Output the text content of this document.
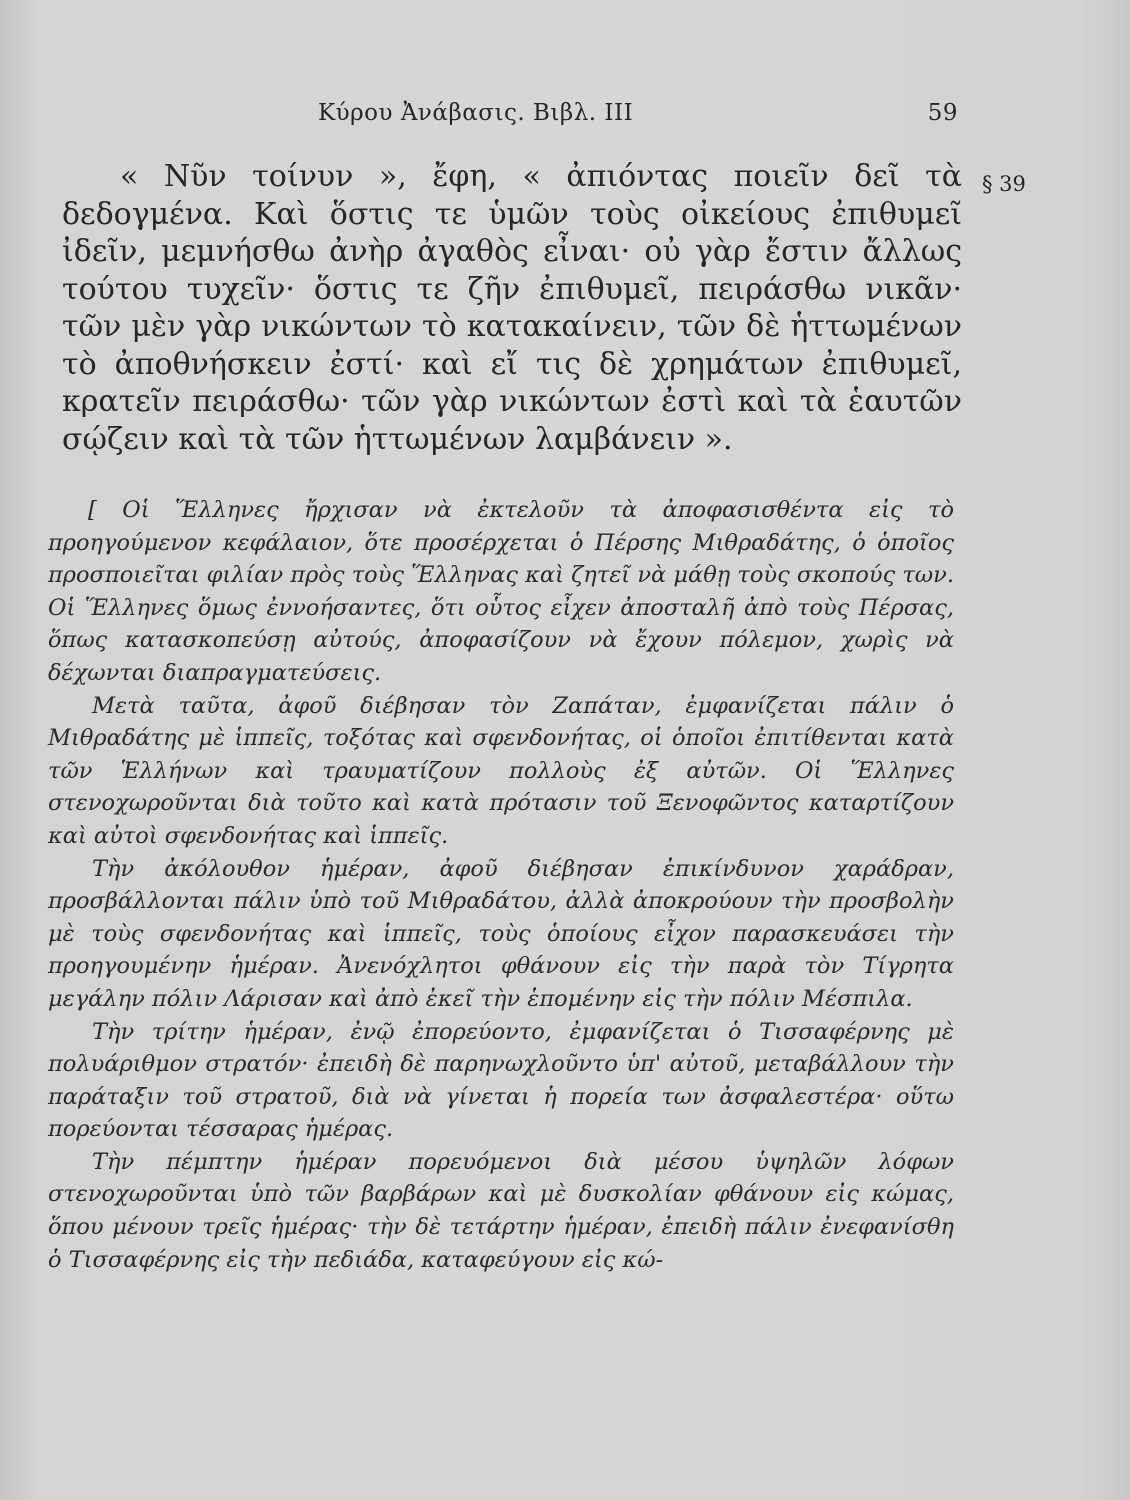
Κύρου Ἀνάβασις. Βιβλ. III	59
§ 39

« Νῦν τοίνυν », ἔφη, « ἀπιόντας ποιεῖν δεῖ τὰ δεδογμένα. Καὶ ὅστις τε ὑμῶν τοὺς οἰκείους ἐπιθυμεῖ ἰδεῖν, μεμνήσθω ἀνὴρ ἀγαθὸς εἶναι· οὐ γὰρ ἔστιν ἄλλως τούτου τυχεῖν· ὅστις τε ζῆν ἐπιθυμεῖ, πειράσθω νικᾶν· τῶν μὲν γὰρ νικώντων τὸ κατακαίνειν, τῶν δὲ ἡττωμένων τὸ ἀποθνήσκειν ἐστί· καὶ εἴ τις δὲ χρημάτων ἐπιθυμεῖ, κρατεῖν πειράσθω· τῶν γὰρ νικώντων ἐστὶ καὶ τὰ ἑαυτῶν σῴζειν καὶ τὰ τῶν ἡττωμένων λαμβάνειν ».

[ Οἱ Ἕλληνες ἤρχισαν νὰ ἐκτελοῦν τὰ ἀποφασισθέντα εἰς τὸ προηγούμενον κεφάλαιον, ὅτε προσέρχεται ὁ Πέρσης Μιθραδάτης, ὁ ὁποῖος προσποιεῖται φιλίαν πρὸς τοὺς Ἕλληνας καὶ ζητεῖ νὰ μάθῃ τοὺς σκοπούς των. Οἱ Ἕλληνες ὅμως ἐννοήσαντες, ὅτι οὗτος εἶχεν ἀποσταλῆ ἀπὸ τοὺς Πέρσας, ὅπως κατασκοπεύσῃ αὐτούς, ἀποφασίζουν νὰ ἔχουν πόλεμον, χωρὶς νὰ δέχωνται διαπραγματεύσεις.

Μετὰ ταῦτα, ἀφοῦ διέβησαν τὸν Ζαπάταν, ἐμφανίζεται πάλιν ὁ Μιθραδάτης μὲ ἱππεῖς, τοξότας καὶ σφενδονήτας, οἱ ὁποῖοι ἐπιτίθενται κατὰ τῶν Ἑλλήνων καὶ τραυματίζουν πολλοὺς ἐξ αὐτῶν. Οἱ Ἕλληνες στενοχωροῦνται διὰ τοῦτο καὶ κατὰ πρότασιν τοῦ Ξενοφῶντος καταρτίζουν καὶ αὐτοὶ σφενδονήτας καὶ ἱππεῖς.

Τὴν ἀκόλουθον ἡμέραν, ἀφοῦ διέβησαν ἐπικίνδυνον χαράδραν, προσβάλλονται πάλιν ὑπὸ τοῦ Μιθραδάτου, ἀλλὰ ἀποκρούουν τὴν προσβολὴν μὲ τοὺς σφενδονήτας καὶ ἱππεῖς, τοὺς ὁποίους εἶχον παρασκευάσει τὴν προηγουμένην ἡμέραν. Ἀνενόχλητοι φθάνουν εἰς τὴν παρὰ τὸν Τίγρητα μεγάλην πόλιν Λάρισαν καὶ ἀπὸ ἐκεῖ τὴν ἑπομένην εἰς τὴν πόλιν Μέσπιλα.

Τὴν τρίτην ἡμέραν, ἐνῷ ἐπορεύοντο, ἐμφανίζεται ὁ Τισσαφέρνης μὲ πολυάριθμον στρατόν· ἐπειδὴ δὲ παρηνωχλοῦντο ὑπ' αὐτοῦ, μεταβάλλουν τὴν παράταξιν τοῦ στρατοῦ, διὰ νὰ γίνεται ἡ πορεία των ἀσφαλεστέρα· οὕτω πορεύονται τέσσαρας ἡμέρας.

Τὴν πέμπτην ἡμέραν πορευόμενοι διὰ μέσου ὑψηλῶν λόφων στενοχωροῦνται ὑπὸ τῶν βαρβάρων καὶ μὲ δυσκολίαν φθάνουν εἰς κώμας, ὅπου μένουν τρεῖς ἡμέρας· τὴν δὲ τετάρτην ἡμέραν, ἐπειδὴ πάλιν ἐνεφανίσθη ὁ Τισσαφέρνης εἰς τὴν πεδιάδα, καταφεύγουν εἰς κώ-
